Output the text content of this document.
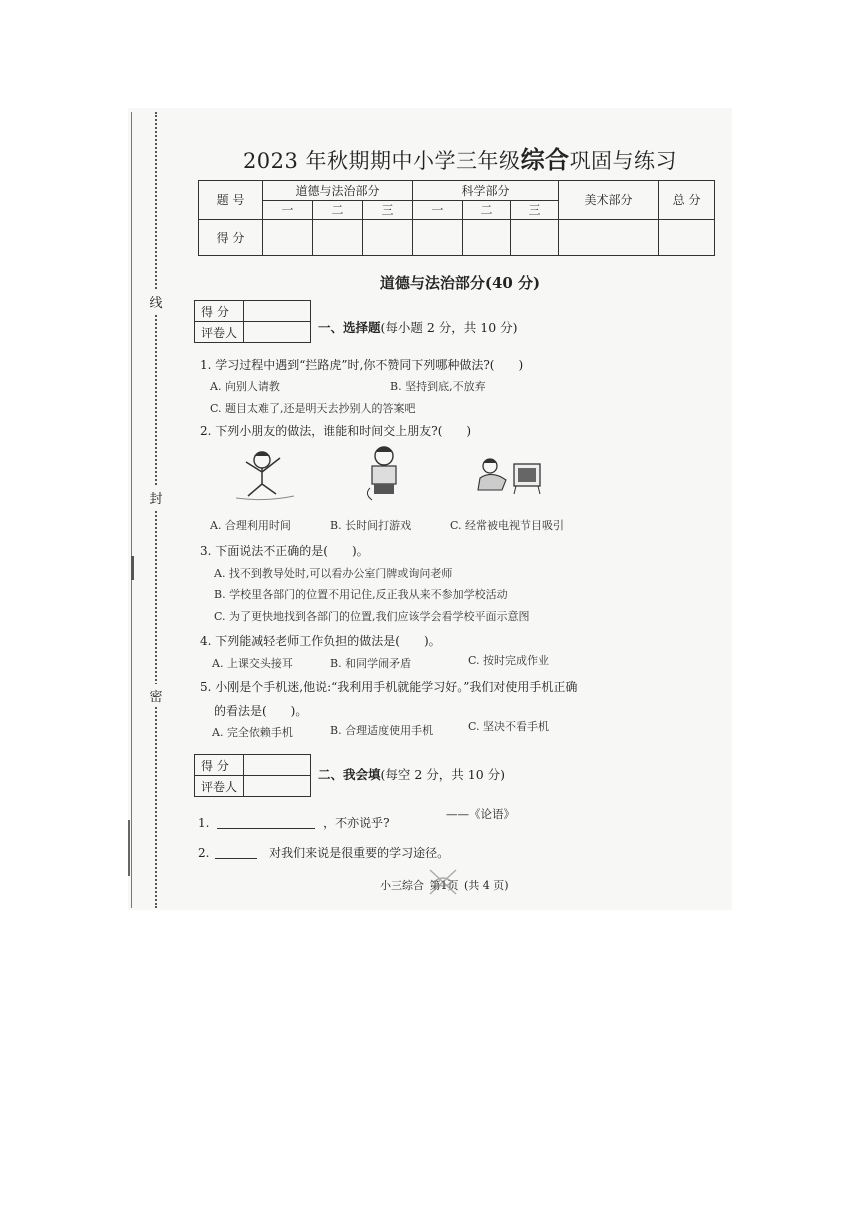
线
封
密
2023 年秋期期中小学三年级综合巩固与练习
题 号	道德与法治部分			科学部分			美术部分	总 分
	一	二	三	一	二	三		
得 分								
道德与法治部分(40 分)
得 分	
评卷人		一、选择题(每小题 2 分，共 10 分)
1. 学习过程中遇到“拦路虎”时,你不赞同下列哪种做法?(　　)
A. 向别人请教	B. 坚持到底,不放弃
C. 题目太难了,还是明天去抄别人的答案吧
2. 下列小朋友的做法，谁能和时间交上朋友?(　　)
A. 合理利用时间	B. 长时间打游戏	C. 经常被电视节目吸引
3. 下面说法不正确的是(　　)。
A. 找不到教导处时,可以看办公室门牌或询问老师
B. 学校里各部门的位置不用记住,反正我从来不参加学校活动
C. 为了更快地找到各部门的位置,我们应该学会看学校平面示意图
4. 下列能减轻老师工作负担的做法是(　　)。
A. 上课交头接耳	B. 和同学闹矛盾	C. 按时完成作业
5. 小刚是个手机迷,他说:“我利用手机就能学习好。”我们对使用手机正确
的看法是(　　)。
A. 完全依赖手机	B. 合理适度使用手机	C. 坚决不看手机
得 分	
评卷人	
二、我会填(每空 2 分，共 10 分)
1.	，不亦说乎?
——《论语》
2.	对我们来说是很重要的学习途径。
小三综合 第1页 (共 4 页)
